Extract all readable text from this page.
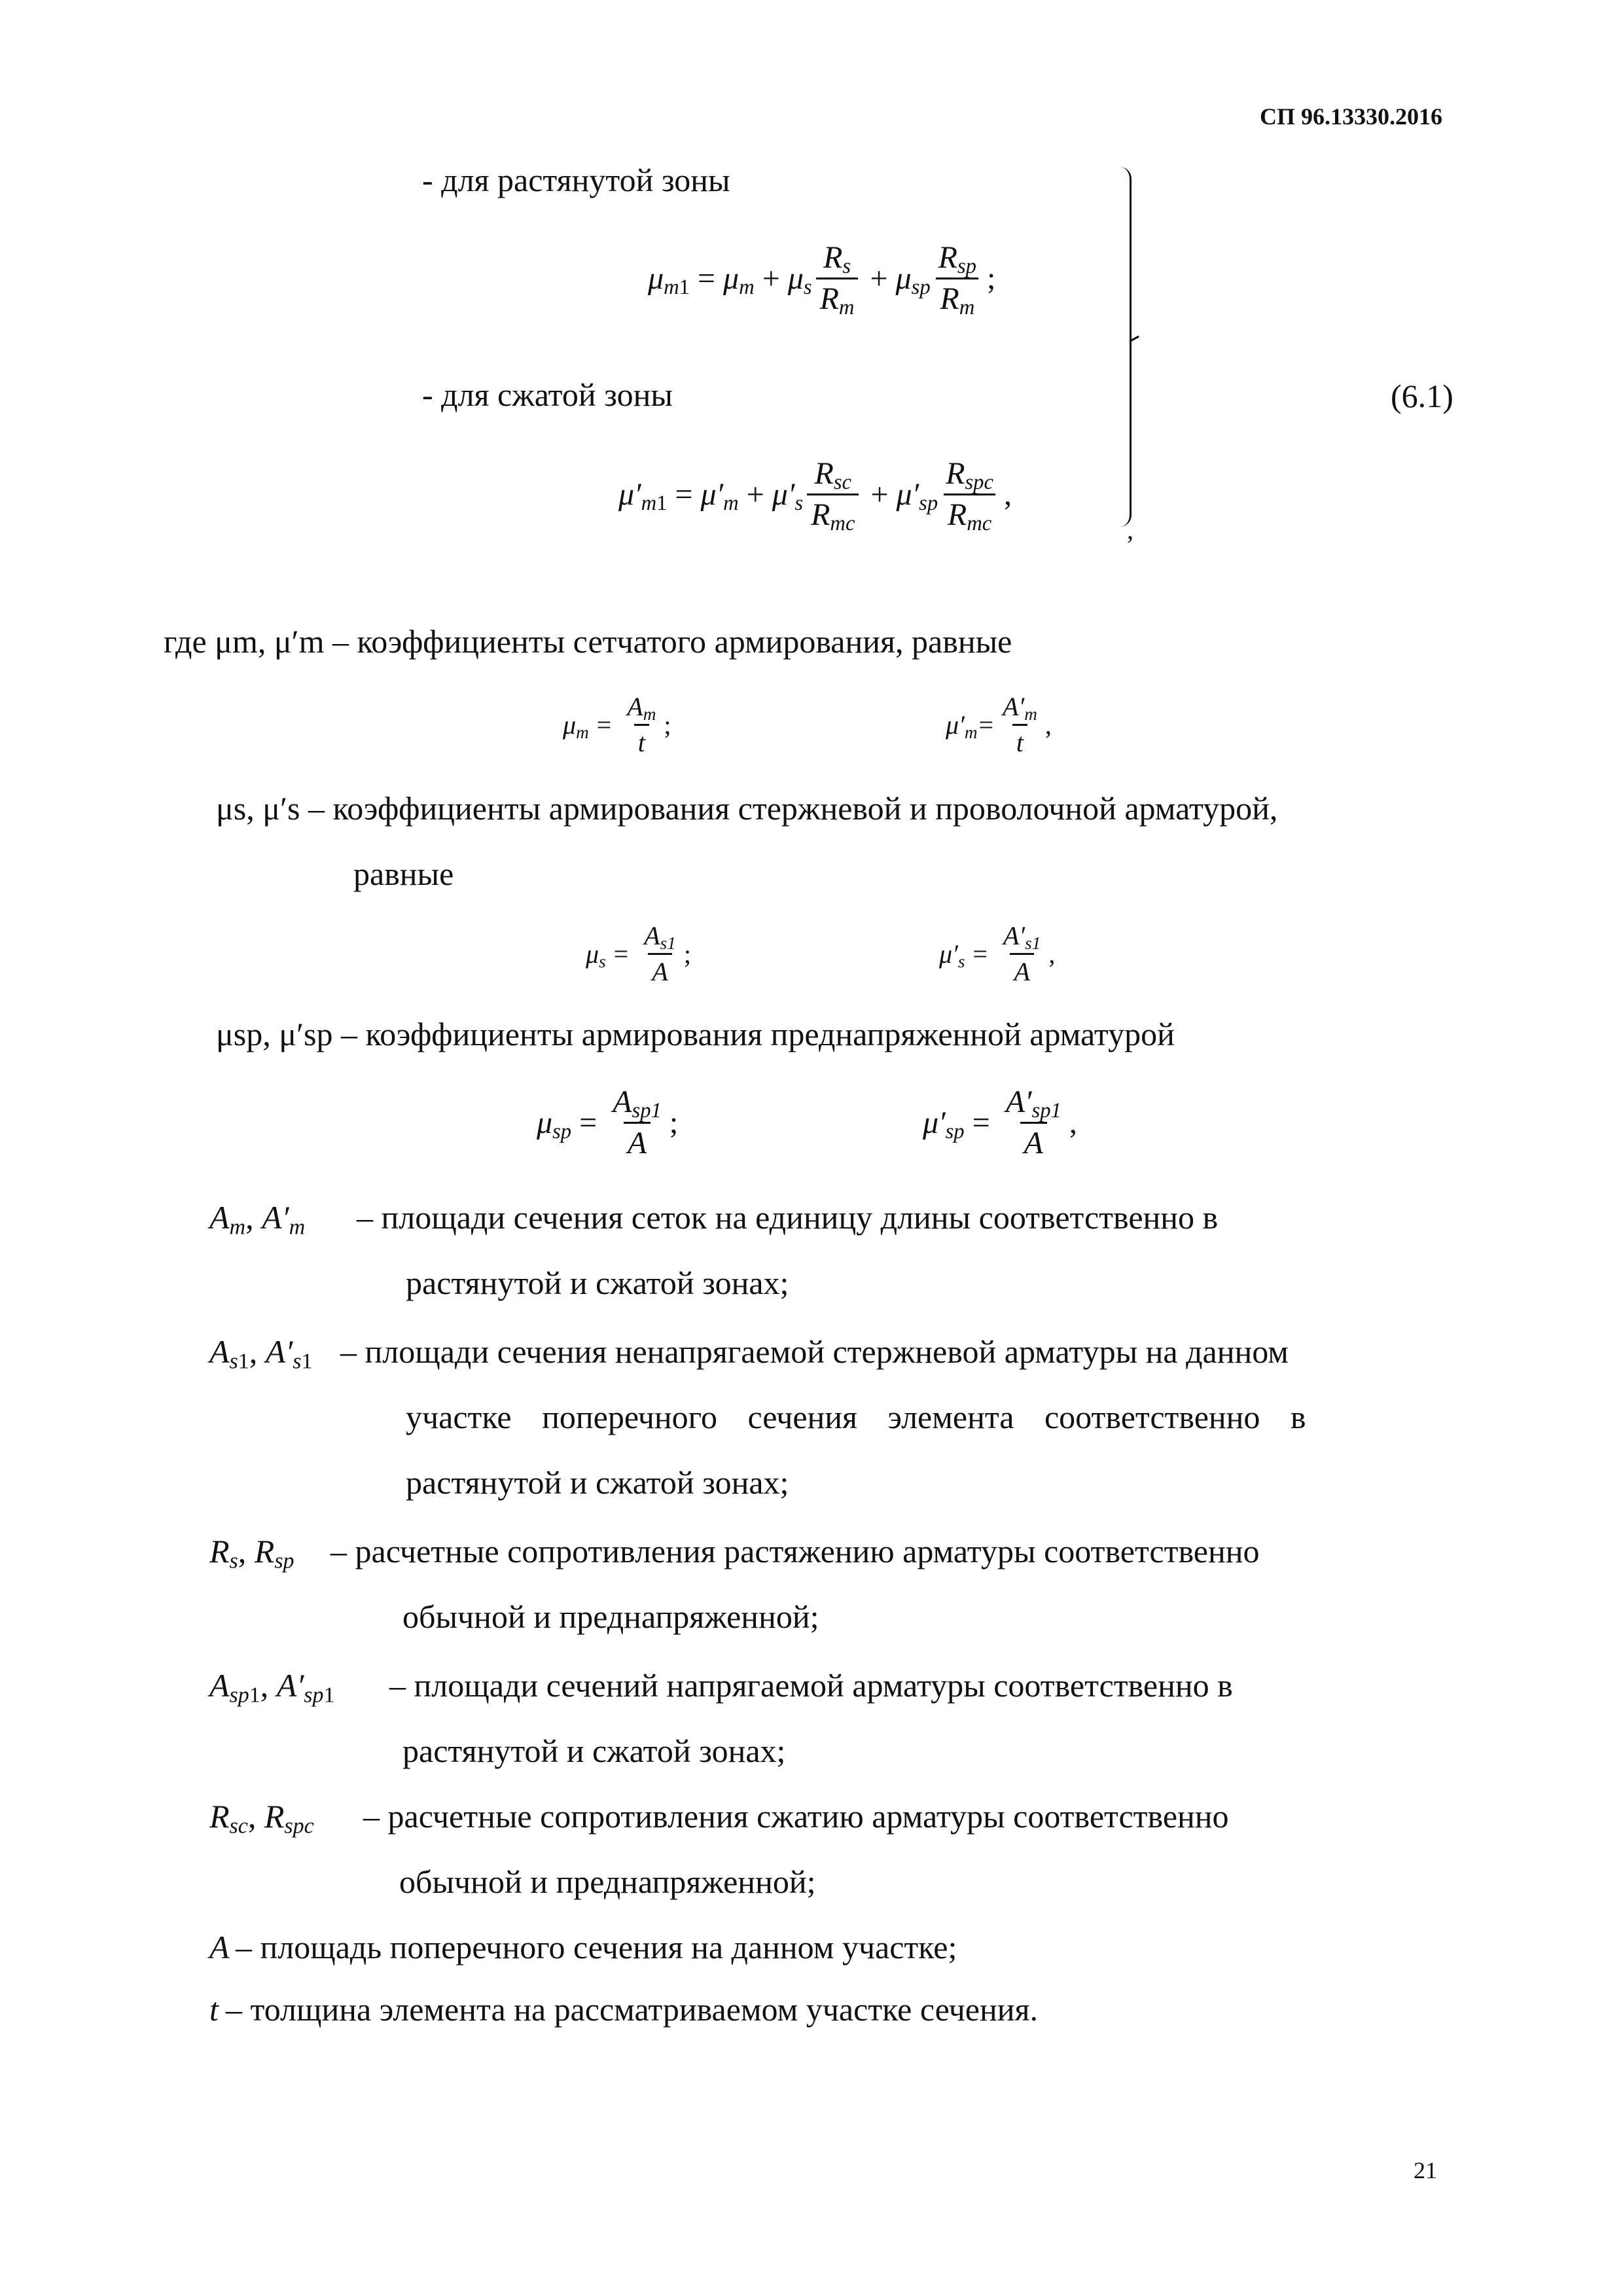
СП 96.13330.2016
- для растянутой зоны
$\mu_{m1} = \mu_m + \mu_s \frac{R_s}{R_m} + \mu_{sp} \frac{R_{sp}}{R_m}$ ;
- для сжатой зоны
$\mu'_{m1} = \mu'_m + \mu'_s \frac{R_{sc}}{R_{mc}} + \mu'_{sp} \frac{R_{spc}}{R_{mc}}$ ,
,
(6.1)
где μm, μ′m – коэффициенты сетчатого армирования, равные
$\mu_m = \frac{A_m}{t}$ ;	$\mu'_m = \frac{A'_m}{t}$ ,
μs, μ′s – коэффициенты армирования стержневой и проволочной арматурой,
равные
$\mu_s = \frac{A_{s1}}{A}$ ;	$\mu'_s = \frac{A'_{s1}}{A}$ ,
μsp, μ′sp – коэффициенты армирования преднапряженной арматурой
$\mu_{sp} = \frac{A_{sp1}}{A}$ ;	$\mu'_{sp} = \frac{A'_{sp1}}{A}$ ,
$A_m$, $A'_m$ – площади сечения сеток на единицу длины соответственно в
растянутой и сжатой зонах;
$A_{s1}$, $A'_{s1}$ – площади сечения ненапрягаемой стержневой арматуры на данном
участке поперечного сечения элемента соответственно в
растянутой и сжатой зонах;
$R_s$, $R_{sp}$ – расчетные сопротивления растяжению арматуры соответственно
обычной и преднапряженной;
$A_{sp1}$, $A'_{sp1}$ – площади сечений напрягаемой арматуры соответственно в
растянутой и сжатой зонах;
$R_{sc}$, $R_{spc}$ – расчетные сопротивления сжатию арматуры соответственно
обычной и преднапряженной;
A – площадь поперечного сечения на данном участке;
t – толщина элемента на рассматриваемом участке сечения.
21
